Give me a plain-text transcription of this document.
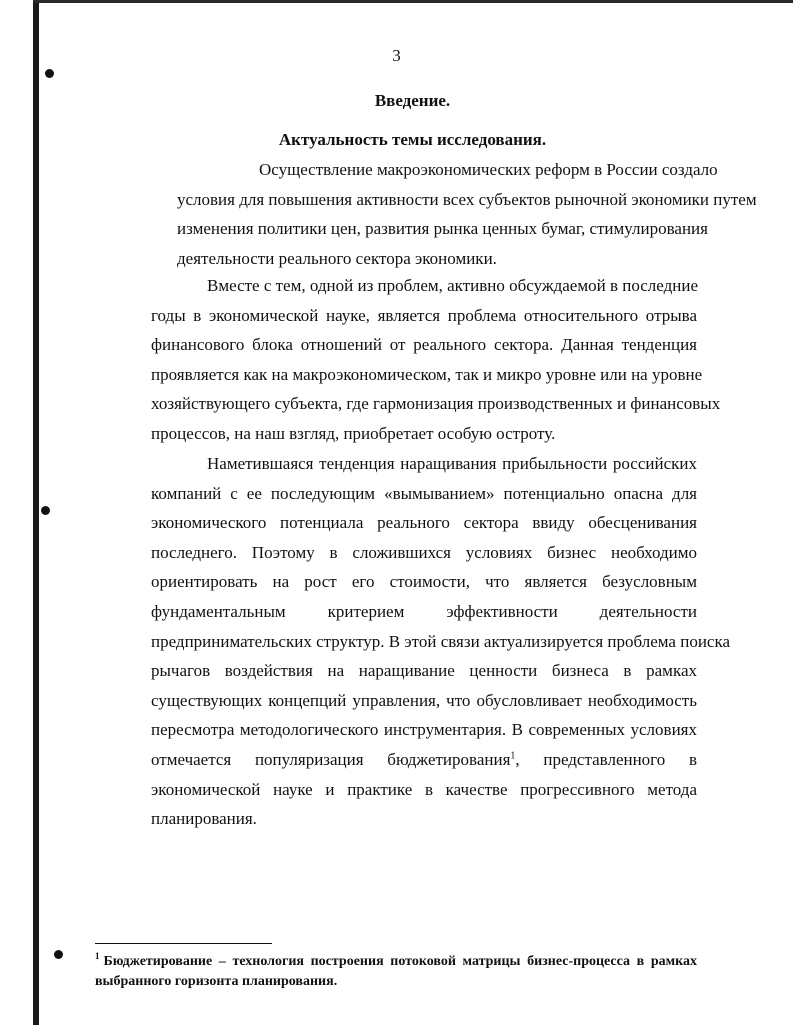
3
Введение.
Актуальность темы исследования.
Осуществление макроэкономических реформ в России создало
условия для повышения активности всех субъектов рыночной экономики путем
изменения политики цен, развития рынка ценных бумаг, стимулирования
деятельности реального сектора экономики.
Вместе с тем, одной из проблем, активно обсуждаемой в последние
годы в экономической науке, является проблема относительного отрыва
финансового блока отношений от реального сектора. Данная тенденция
проявляется как на макроэкономическом, так и микро уровне или на уровне
хозяйствующего субъекта, где гармонизация производственных и финансовых
процессов, на наш взгляд, приобретает особую остроту.
Наметившаяся тенденция наращивания прибыльности российских
компаний с ее последующим «вымыванием» потенциально опасна для
экономического потенциала реального сектора ввиду обесценивания
последнего. Поэтому в сложившихся условиях бизнес необходимо
ориентировать на рост его стоимости, что является безусловным
фундаментальным критерием эффективности деятельности
предпринимательских структур. В этой связи актуализируется проблема поиска
рычагов воздействия на наращивание ценности бизнеса в рамках
существующих концепций управления, что обусловливает необходимость
пересмотра методологического инструментария. В современных условиях
отмечается популяризация бюджетирования$^1$, представленного в
экономической науке и практике в качестве прогрессивного метода
планирования.
$^1$ Бюджетирование – технология построения потоковой матрицы бизнес-процесса в рамках
выбранного горизонта планирования.
